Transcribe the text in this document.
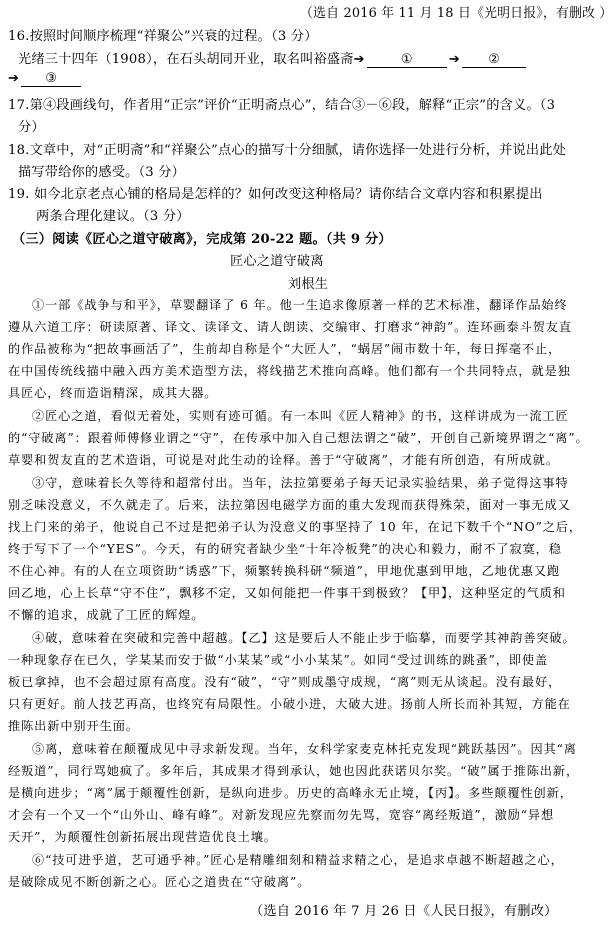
（选自 2016 年 11 月 18 日《光明日报》，有删改 ）
16.按照时间顺序梳理“祥聚公”兴衰的过程。（3 分）
光绪三十四年（1908），在石头胡同开业，取名叫裕盛斋➔	①	➔ ②
➔ ③
17.第④段画线句，作者用“正宗”评价“正明斋点心”，结合③－⑥段，解释“正宗”的含义。（3
分）
18.文章中，对“正明斋”和“祥聚公”点心的描写十分细腻，请你选择一处进行分析，并说出此处
描写带给你的感受。（3 分）
19. 如今北京老点心铺的格局是怎样的？如何改变这种格局？请你结合文章内容和积累提出
两条合理化建议。（3 分）
（三）阅读《匠心之道守破离》，完成第 20-22 题。（共 9 分）
匠心之道守破离
刘根生
①一部《战争与和平》，草婴翻译了 6 年。他一生追求像原著一样的艺术标准，翻译作品始终
遵从六道工序：研读原著、译文、读译文、请人朗读、交编审、打磨求“神韵”。连环画泰斗贺友直
的作品被称为“把故事画活了”，生前却自称是个“大匠人”，“蜗居”闹市数十年，每日挥毫不止，
在中国传统线描中融入西方美术造型方法，将线描艺术推向高峰。他们都有一个共同特点，就是独
具匠心，终而造诣精深，成其大器。
②匠心之道，看似无着处，实则有迹可循。有一本叫《匠人精神》的书，这样讲成为一流工匠
的“守破离”：跟着师傅修业谓之“守”，在传承中加入自己想法谓之“破”，开创自己新境界谓之“离”。
草婴和贺友直的艺术造诣，可说是对此生动的诠释。善于“守破离”，才能有所创造，有所成就。
③守，意味着长久等待和超常付出。当年，法拉第要弟子每天记录实验结果，弟子觉得这事特
别乏味没意义，不久就走了。后来，法拉第因电磁学方面的重大发现而获得殊荣，面对一事无成又
找上门来的弟子，他说自己不过是把弟子认为没意义的事坚持了 10 年，在记下数千个“NO”之后，
终于写下了一个“YES”。今天，有的研究者缺少坐“十年冷板凳”的决心和毅力，耐不了寂寞，稳
不住心神。有的人在立项资助“诱惑”下，频繁转换科研“频道”，甲地优惠到甲地，乙地优惠又跑
回乙地，心上长草“守不住”，飘移不定，又如何能把一件事干到极致？【甲】，这种坚定的气质和
不懈的追求，成就了工匠的辉煌。
④破，意味着在突破和完善中超越。【乙】这是要后人不能止步于临摹，而要学其神韵善突破。
一种现象存在已久，学某某而安于做“小某某”或“小小某某”。如同“受过训练的跳蚤”，即使盖
板已拿掉，也不会超过原有高度。没有“破”，“守”则成墨守成规，“离”则无从谈起。没有最好，
只有更好。前人技艺再高，也终究有局限性。小破小进，大破大进。扬前人所长而补其短，方能在
推陈出新中别开生面。
⑤离，意味着在颠覆成见中寻求新发现。当年，女科学家麦克林托克发现“跳跃基因”。因其“离
经叛道”，同行骂她疯了。多年后，其成果才得到承认，她也因此获诺贝尔奖。“破”属于推陈出新，
是横向进步；“离”属于颠覆性创新，是纵向进步。历史的高峰永无止境，【丙】。多些颠覆性创新，
才会有一个又一个“山外山、峰有峰”。对新发现应先察而勿先骂，宽容“离经叛道”，激励“异想
天开”，为颠覆性创新拓展出现营造优良土壤。
⑥“技可进乎道，艺可通乎神。”匠心是精雕细刻和精益求精之心，是追求卓越不断超越之心，
是破除成见不断创新之心。匠心之道贵在“守破离”。
（选自 2016 年 7 月 26 日《人民日报》，有删改）
